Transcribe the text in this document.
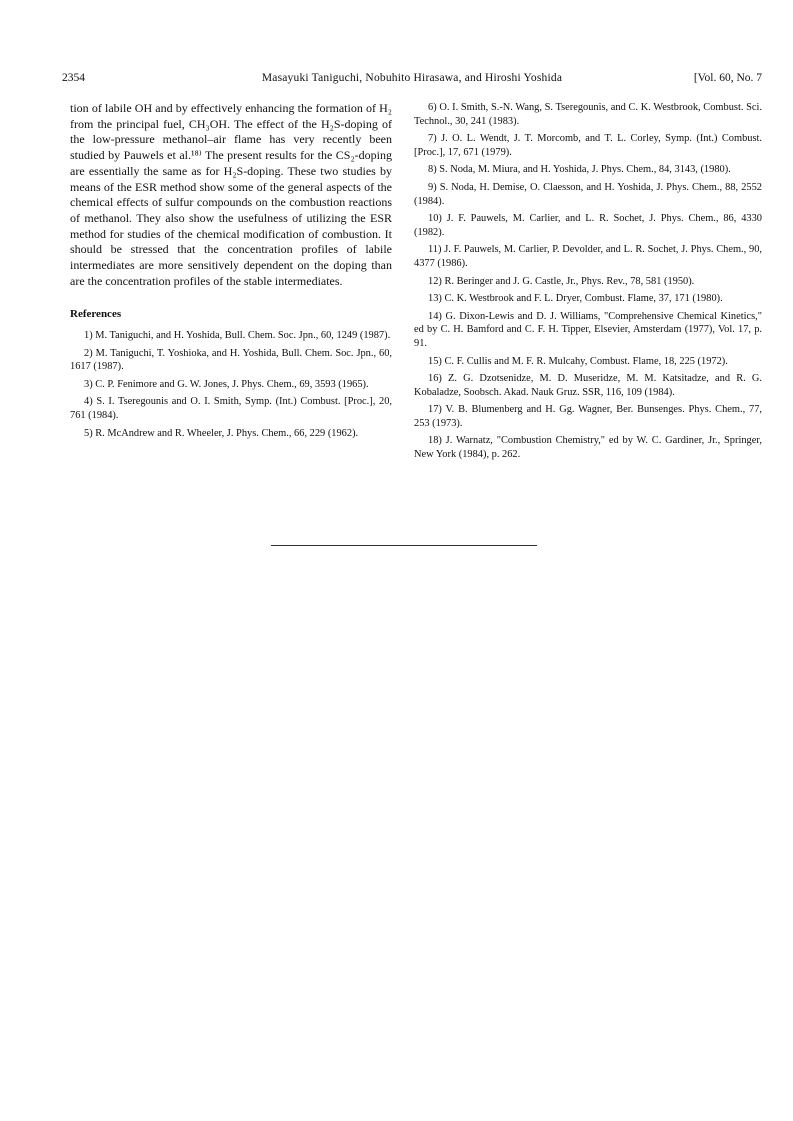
2354	Masayuki Taniguchi, Nobuhito Hirasawa, and Hiroshi Yoshida	[Vol. 60, No. 7

tion of labile OH and by effectively enhancing the formation of H₂ from the principal fuel, CH₃OH. The effect of the H₂S-doping of the low-pressure methanol–air flame has very recently been studied by Pauwels et al.¹⁸⁾ The present results for the CS₂-doping are essentially the same as for H₂S-doping. These two studies by means of the ESR method show some of the general aspects of the chemical effects of sulfur compounds on the combustion reactions of methanol. They also show the usefulness of utilizing the ESR method for studies of the chemical modification of combustion. It should be stressed that the concentration profiles of labile intermediates are more sensitively dependent on the doping than are the concentration profiles of the stable intermediates.

References
1) M. Taniguchi, and H. Yoshida, Bull. Chem. Soc. Jpn., 60, 1249 (1987).
2) M. Taniguchi, T. Yoshioka, and H. Yoshida, Bull. Chem. Soc. Jpn., 60, 1617 (1987).
3) C. P. Fenimore and G. W. Jones, J. Phys. Chem., 69, 3593 (1965).
4) S. I. Tseregounis and O. I. Smith, Symp. (Int.) Combust. [Proc.], 20, 761 (1984).
5) R. McAndrew and R. Wheeler, J. Phys. Chem., 66, 229 (1962).
6) O. I. Smith, S.-N. Wang, S. Tseregounis, and C. K. Westbrook, Combust. Sci. Technol., 30, 241 (1983).
7) J. O. L. Wendt, J. T. Morcomb, and T. L. Corley, Symp. (Int.) Combust. [Proc.], 17, 671 (1979).
8) S. Noda, M. Miura, and H. Yoshida, J. Phys. Chem., 84, 3143, (1980).
9) S. Noda, H. Demise, O. Claesson, and H. Yoshida, J. Phys. Chem., 88, 2552 (1984).
10) J. F. Pauwels, M. Carlier, and L. R. Sochet, J. Phys. Chem., 86, 4330 (1982).
11) J. F. Pauwels, M. Carlier, P. Devolder, and L. R. Sochet, J. Phys. Chem., 90, 4377 (1986).
12) R. Beringer and J. G. Castle, Jr., Phys. Rev., 78, 581 (1950).
13) C. K. Westbrook and F. L. Dryer, Combust. Flame, 37, 171 (1980).
14) G. Dixon-Lewis and D. J. Williams, "Comprehensive Chemical Kinetics," ed by C. H. Bamford and C. F. H. Tipper, Elsevier, Amsterdam (1977), Vol. 17, p. 91.
15) C. F. Cullis and M. F. R. Mulcahy, Combust. Flame, 18, 225 (1972).
16) Z. G. Dzotsenidze, M. D. Museridze, M. M. Katsitadze, and R. G. Kobaladze, Soobsch. Akad. Nauk Gruz. SSR, 116, 109 (1984).
17) V. B. Blumenberg and H. Gg. Wagner, Ber. Bunsenges. Phys. Chem., 77, 253 (1973).
18) J. Warnatz, "Combustion Chemistry," ed by W. C. Gardiner, Jr., Springer, New York (1984), p. 262.
